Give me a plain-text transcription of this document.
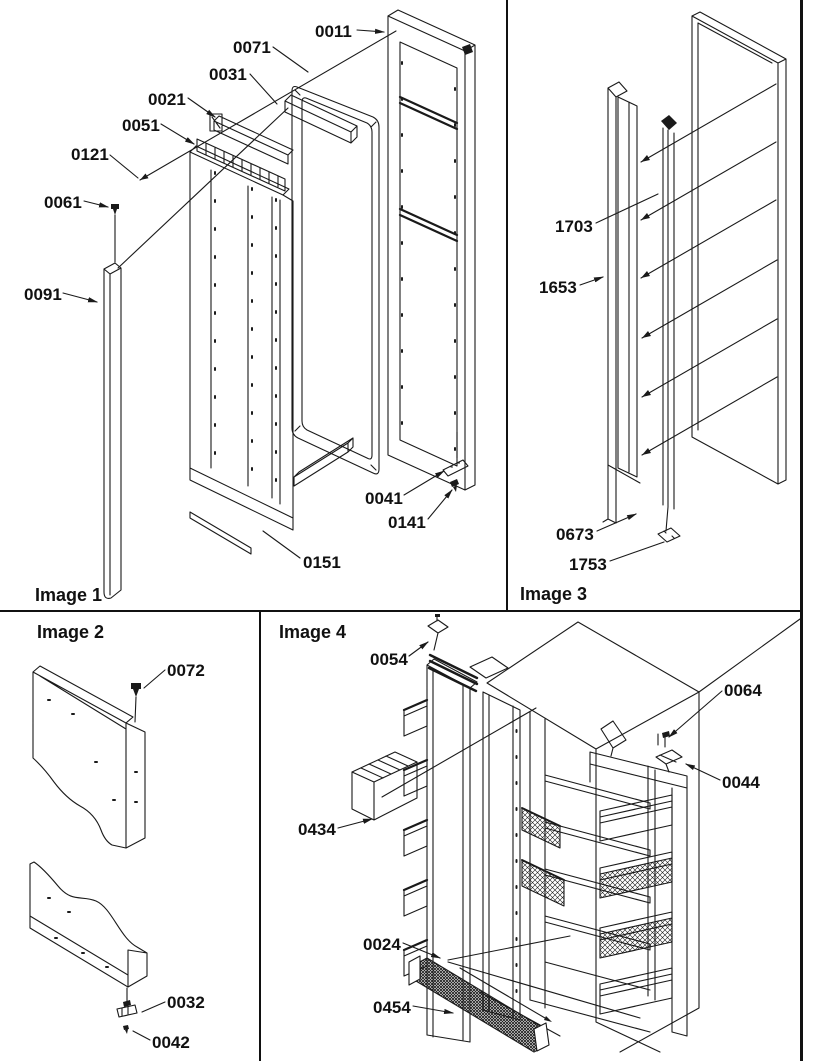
0011
0071
0031
0021
0051
0121
0061
0091
0041
0141
0151
1703
1653
0673
1753
0072
0032
0042
0054
0064
0044
0434
0024
0454
Image 1
Image 2
Image 3
Image 4
